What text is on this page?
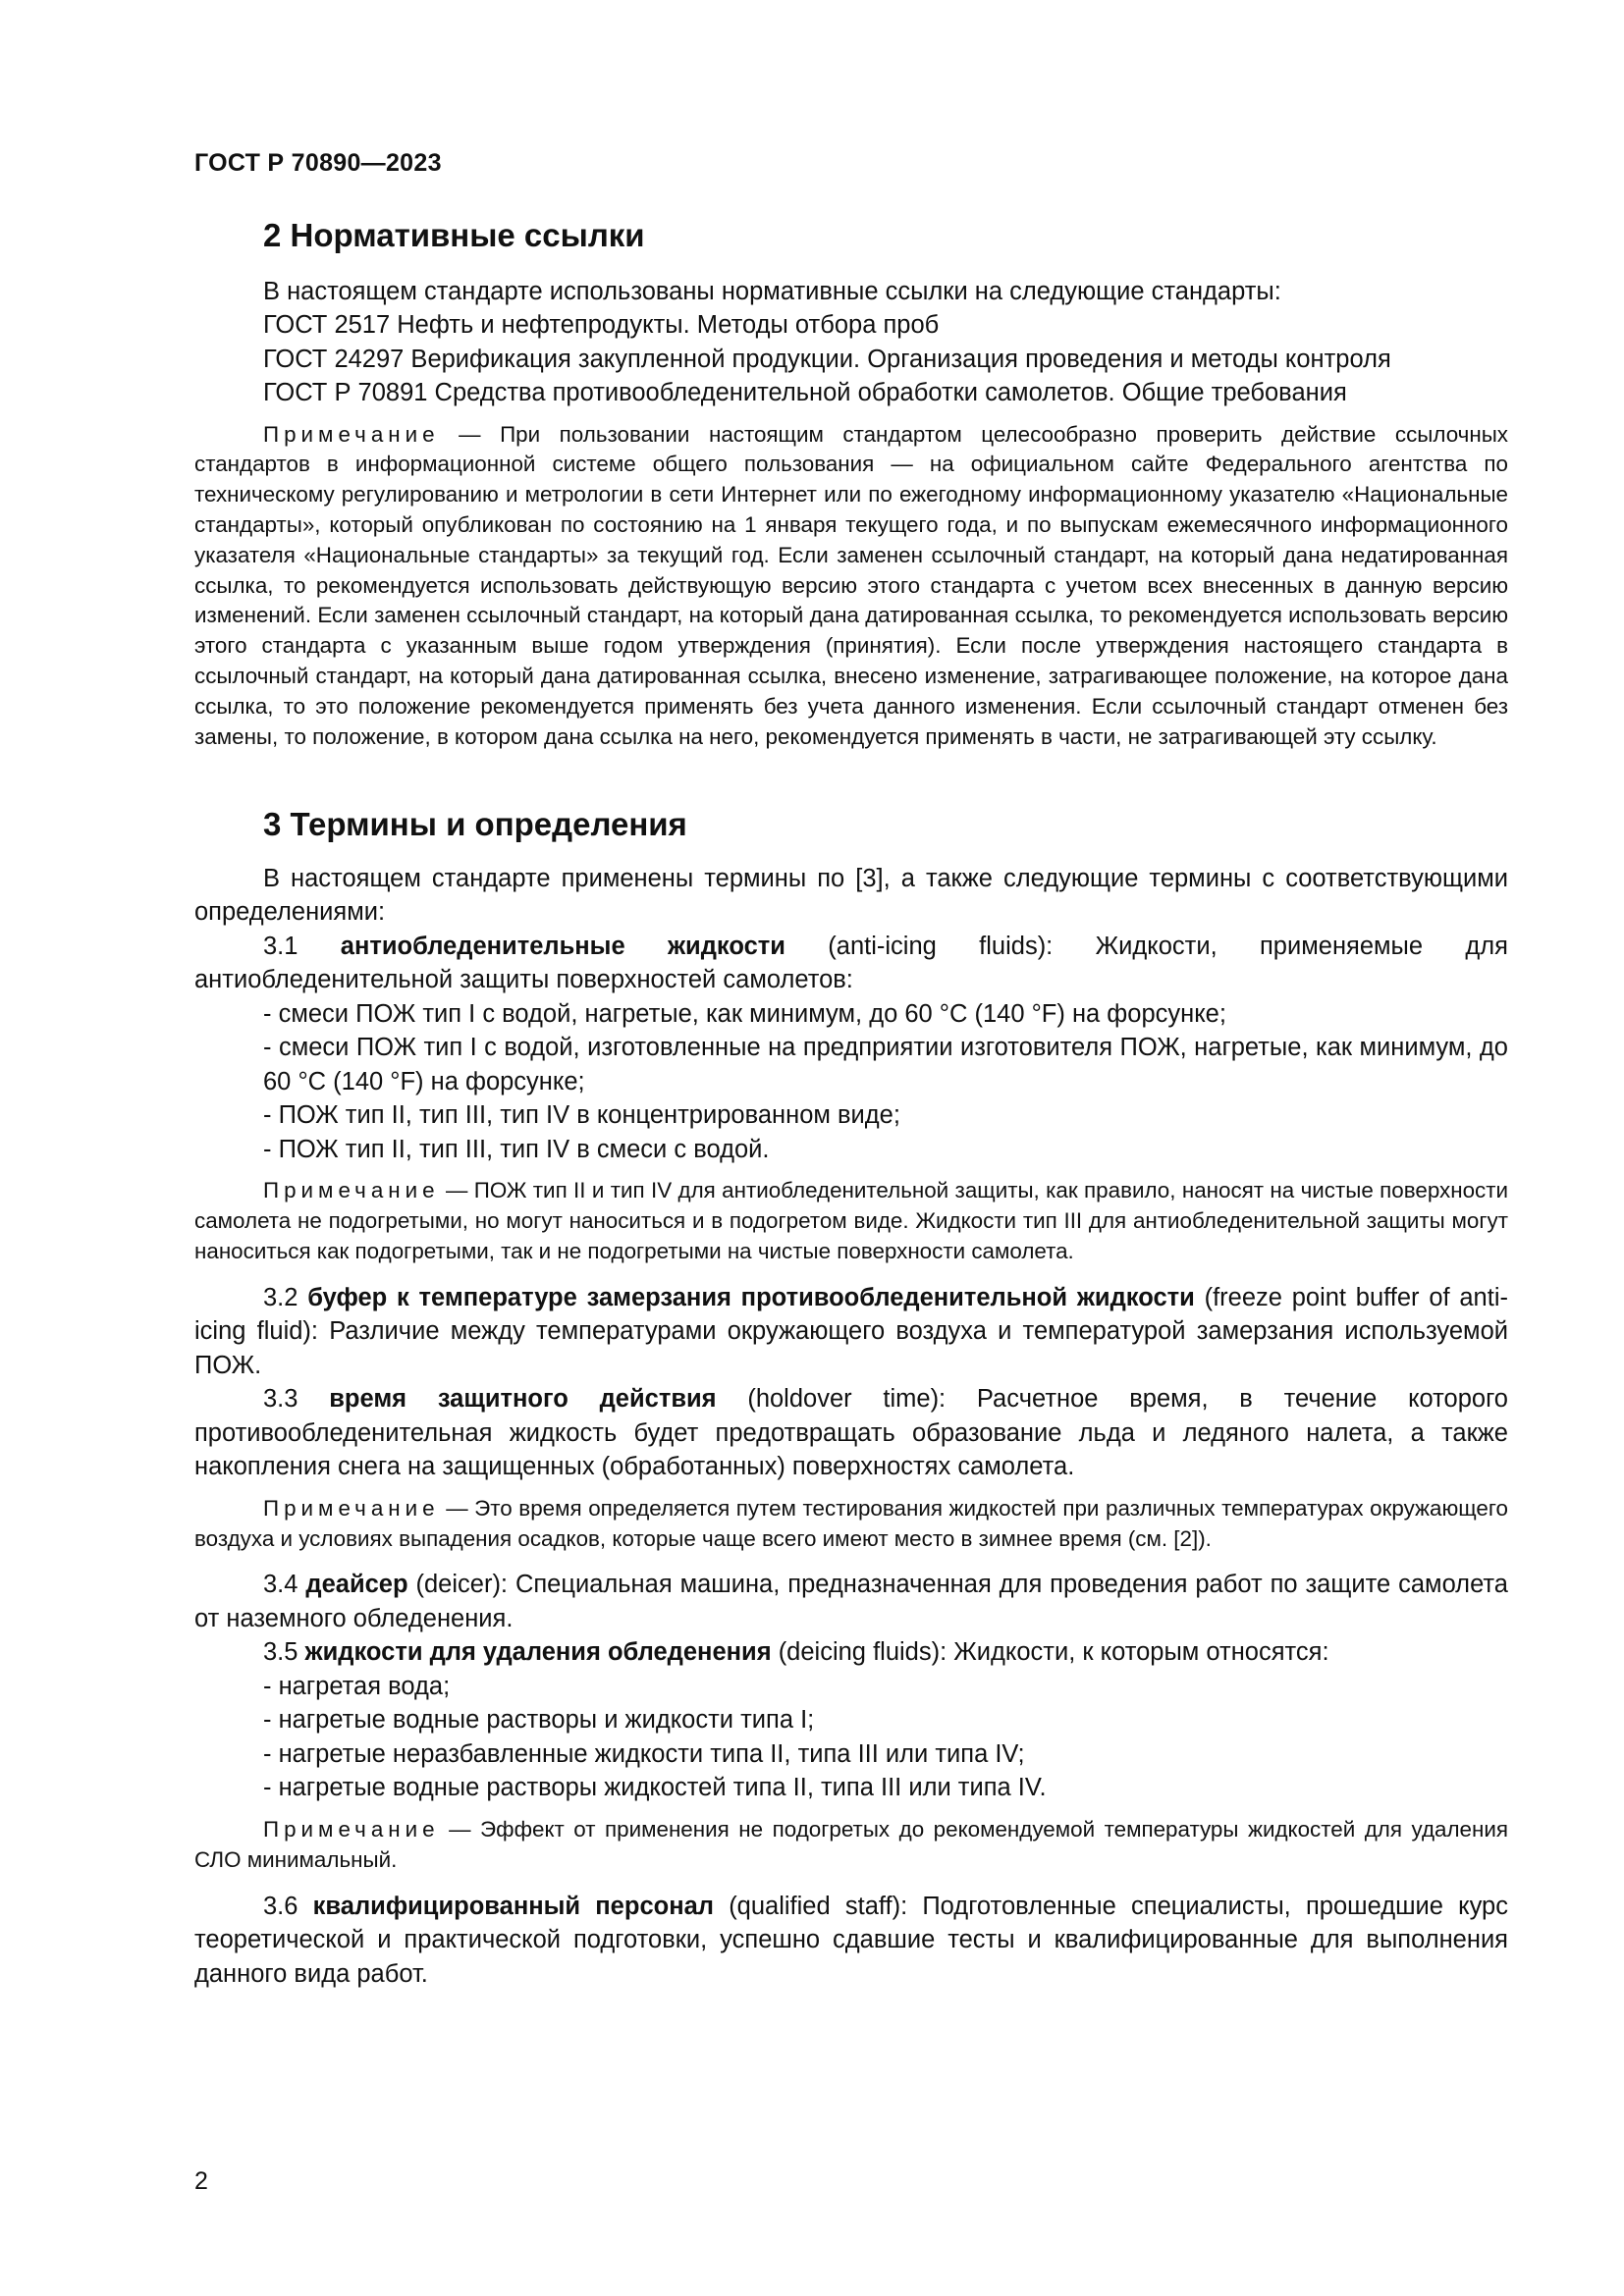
ГОСТ Р 70890—2023
2 Нормативные ссылки

В настоящем стандарте использованы нормативные ссылки на следующие стандарты:

ГОСТ 2517 Нефть и нефтепродукты. Методы отбора проб

ГОСТ 24297 Верификация закупленной продукции. Организация проведения и методы контроля

ГОСТ Р 70891 Средства противообледенительной обработки самолетов. Общие требования

Примечание — При пользовании настоящим стандартом целесообразно проверить действие ссылочных стандартов в информационной системе общего пользования — на официальном сайте Федерального агентства по техническому регулированию и метрологии в сети Интернет или по ежегодному информационному указателю «Национальные стандарты», который опубликован по состоянию на 1 января текущего года, и по выпускам ежемесячного информационного указателя «Национальные стандарты» за текущий год. Если заменен ссылочный стандарт, на который дана недатированная ссылка, то рекомендуется использовать действующую версию этого стандарта с учетом всех внесенных в данную версию изменений. Если заменен ссылочный стандарт, на который дана датированная ссылка, то рекомендуется использовать версию этого стандарта с указанным выше годом утверждения (принятия). Если после утверждения настоящего стандарта в ссылочный стандарт, на который дана датированная ссылка, внесено изменение, затрагивающее положение, на которое дана ссылка, то это положение рекомендуется применять без учета данного изменения. Если ссылочный стандарт отменен без замены, то положение, в котором дана ссылка на него, рекомендуется применять в части, не затрагивающей эту ссылку.

3 Термины и определения

В настоящем стандарте применены термины по [3], а также следующие термины с соответствующими определениями:

3.1 антиобледенительные жидкости (anti-icing fluids): Жидкости, применяемые для антиобледенительной защиты поверхностей самолетов:

- смеси ПОЖ тип I с водой, нагретые, как минимум, до 60 °С (140 °F) на форсунке;

- смеси ПОЖ тип I с водой, изготовленные на предприятии изготовителя ПОЖ, нагретые, как минимум, до 60 °С (140 °F) на форсунке;

- ПОЖ тип II, тип III, тип IV в концентрированном виде;

- ПОЖ тип II, тип III, тип IV в смеси с водой.

Примечание — ПОЖ тип II и тип IV для антиобледенительной защиты, как правило, наносят на чистые поверхности самолета не подогретыми, но могут наноситься и в подогретом виде. Жидкости тип III для антиобледенительной защиты могут наноситься как подогретыми, так и не подогретыми на чистые поверхности самолета.

3.2 буфер к температуре замерзания противообледенительной жидкости (freeze point buffer of anti-icing fluid): Различие между температурами окружающего воздуха и температурой замерзания используемой ПОЖ.

3.3 время защитного действия (holdover time): Расчетное время, в течение которого противообледенительная жидкость будет предотвращать образование льда и ледяного налета, а также накопления снега на защищенных (обработанных) поверхностях самолета.

Примечание — Это время определяется путем тестирования жидкостей при различных температурах окружающего воздуха и условиях выпадения осадков, которые чаще всего имеют место в зимнее время (см. [2]).

3.4 деайсер (deicer): Специальная машина, предназначенная для проведения работ по защите самолета от наземного обледенения.

3.5 жидкости для удаления обледенения (deicing fluids): Жидкости, к которым относятся:

- нагретая вода;

- нагретые водные растворы и жидкости типа I;

- нагретые неразбавленные жидкости типа II, типа III или типа IV;

- нагретые водные растворы жидкостей типа II, типа III или типа IV.

Примечание — Эффект от применения не подогретых до рекомендуемой температуры жидкостей для удаления СЛО минимальный.

3.6 квалифицированный персонал (qualified staff): Подготовленные специалисты, прошедшие курс теоретической и практической подготовки, успешно сдавшие тесты и квалифицированные для выполнения данного вида работ.

2
